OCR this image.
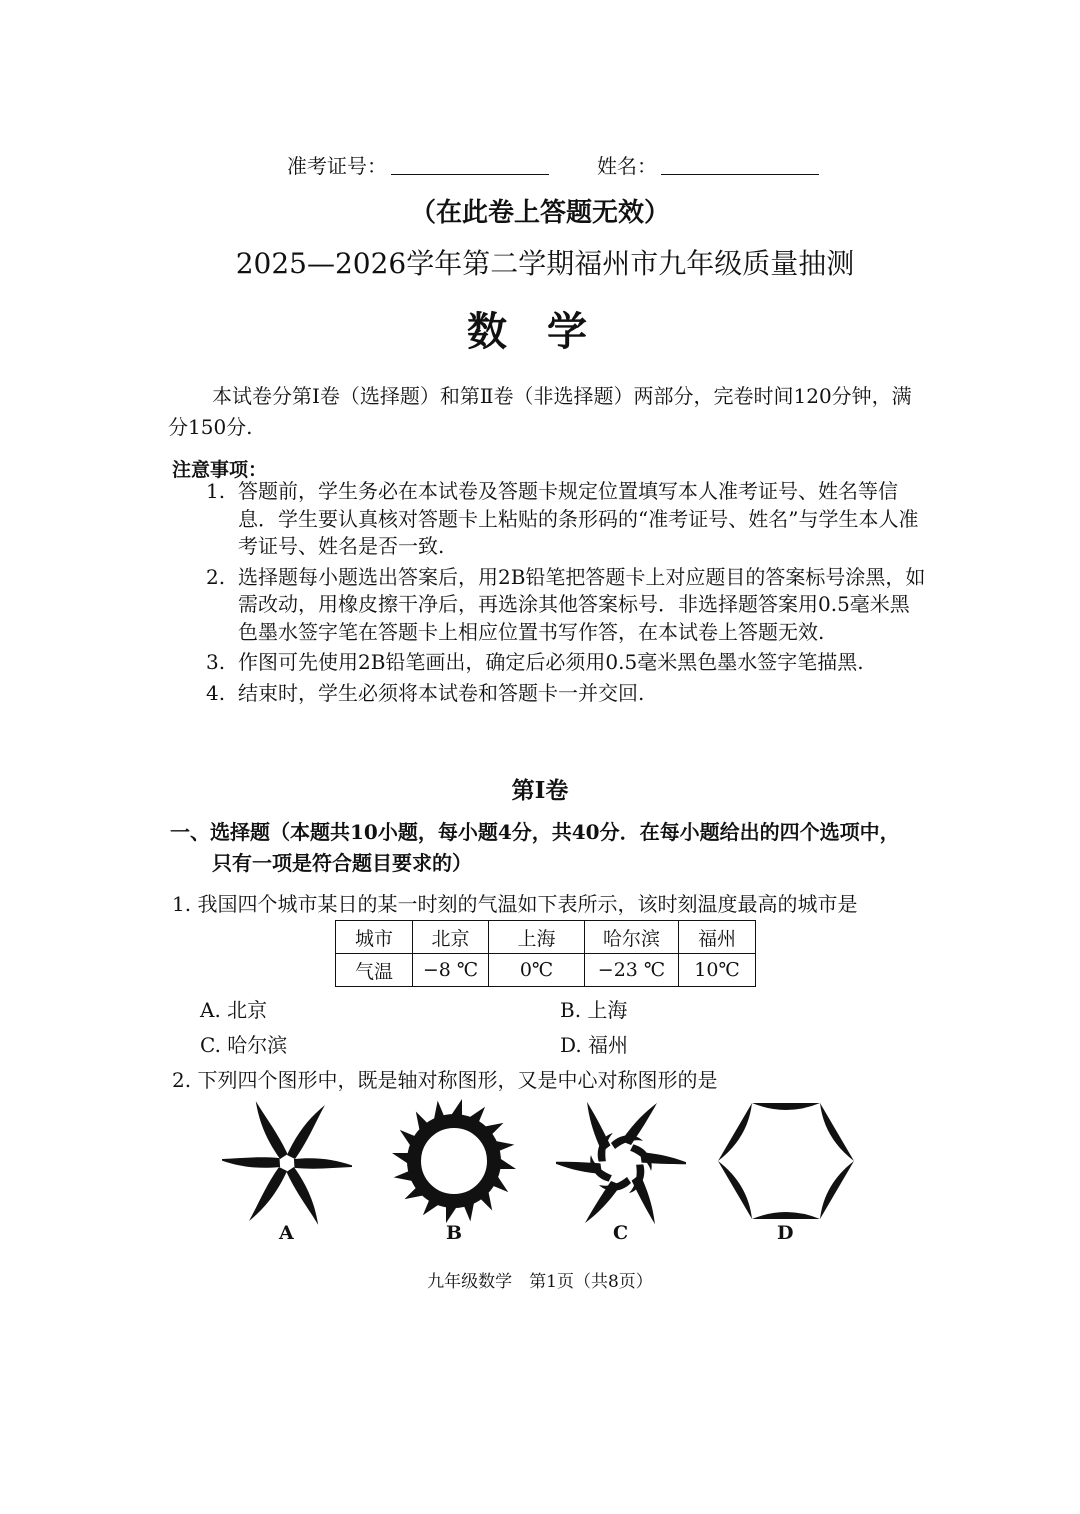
准考证号：	姓名：
（在此卷上答题无效）
2025—2026学年第二学期福州市九年级质量抽测
数学
本试卷分第Ⅰ卷（选择题）和第Ⅱ卷（非选择题）两部分，完卷时间120分钟，满分150分.
注意事项：
1. 答题前，学生务必在本试卷及答题卡规定位置填写本人准考证号、姓名等信息．学生要认真核对答题卡上粘贴的条形码的“准考证号、姓名”与学生本人准考证号、姓名是否一致.
2. 选择题每小题选出答案后，用2B铅笔把答题卡上对应题目的答案标号涂黑，如需改动，用橡皮擦干净后，再选涂其他答案标号．非选择题答案用0.5毫米黑色墨水签字笔在答题卡上相应位置书写作答，在本试卷上答题无效.
3. 作图可先使用2B铅笔画出，确定后必须用0.5毫米黑色墨水签字笔描黑.
4. 结束时，学生必须将本试卷和答题卡一并交回.
第Ⅰ卷
一、选择题（本题共10小题，每小题4分，共40分．在每小题给出的四个选项中，
只有一项是符合题目要求的）
1. 我国四个城市某日的某一时刻的气温如下表所示，该时刻温度最高的城市是
城市	北京	上海	哈尔滨	福州
气温	−8 ℃	0℃	−23 ℃	10℃
A. 北京	B. 上海
C. 哈尔滨	D. 福州
2. 下列四个图形中，既是轴对称图形，又是中心对称图形的是
A	B	C	D
九年级数学　第1页（共8页）
